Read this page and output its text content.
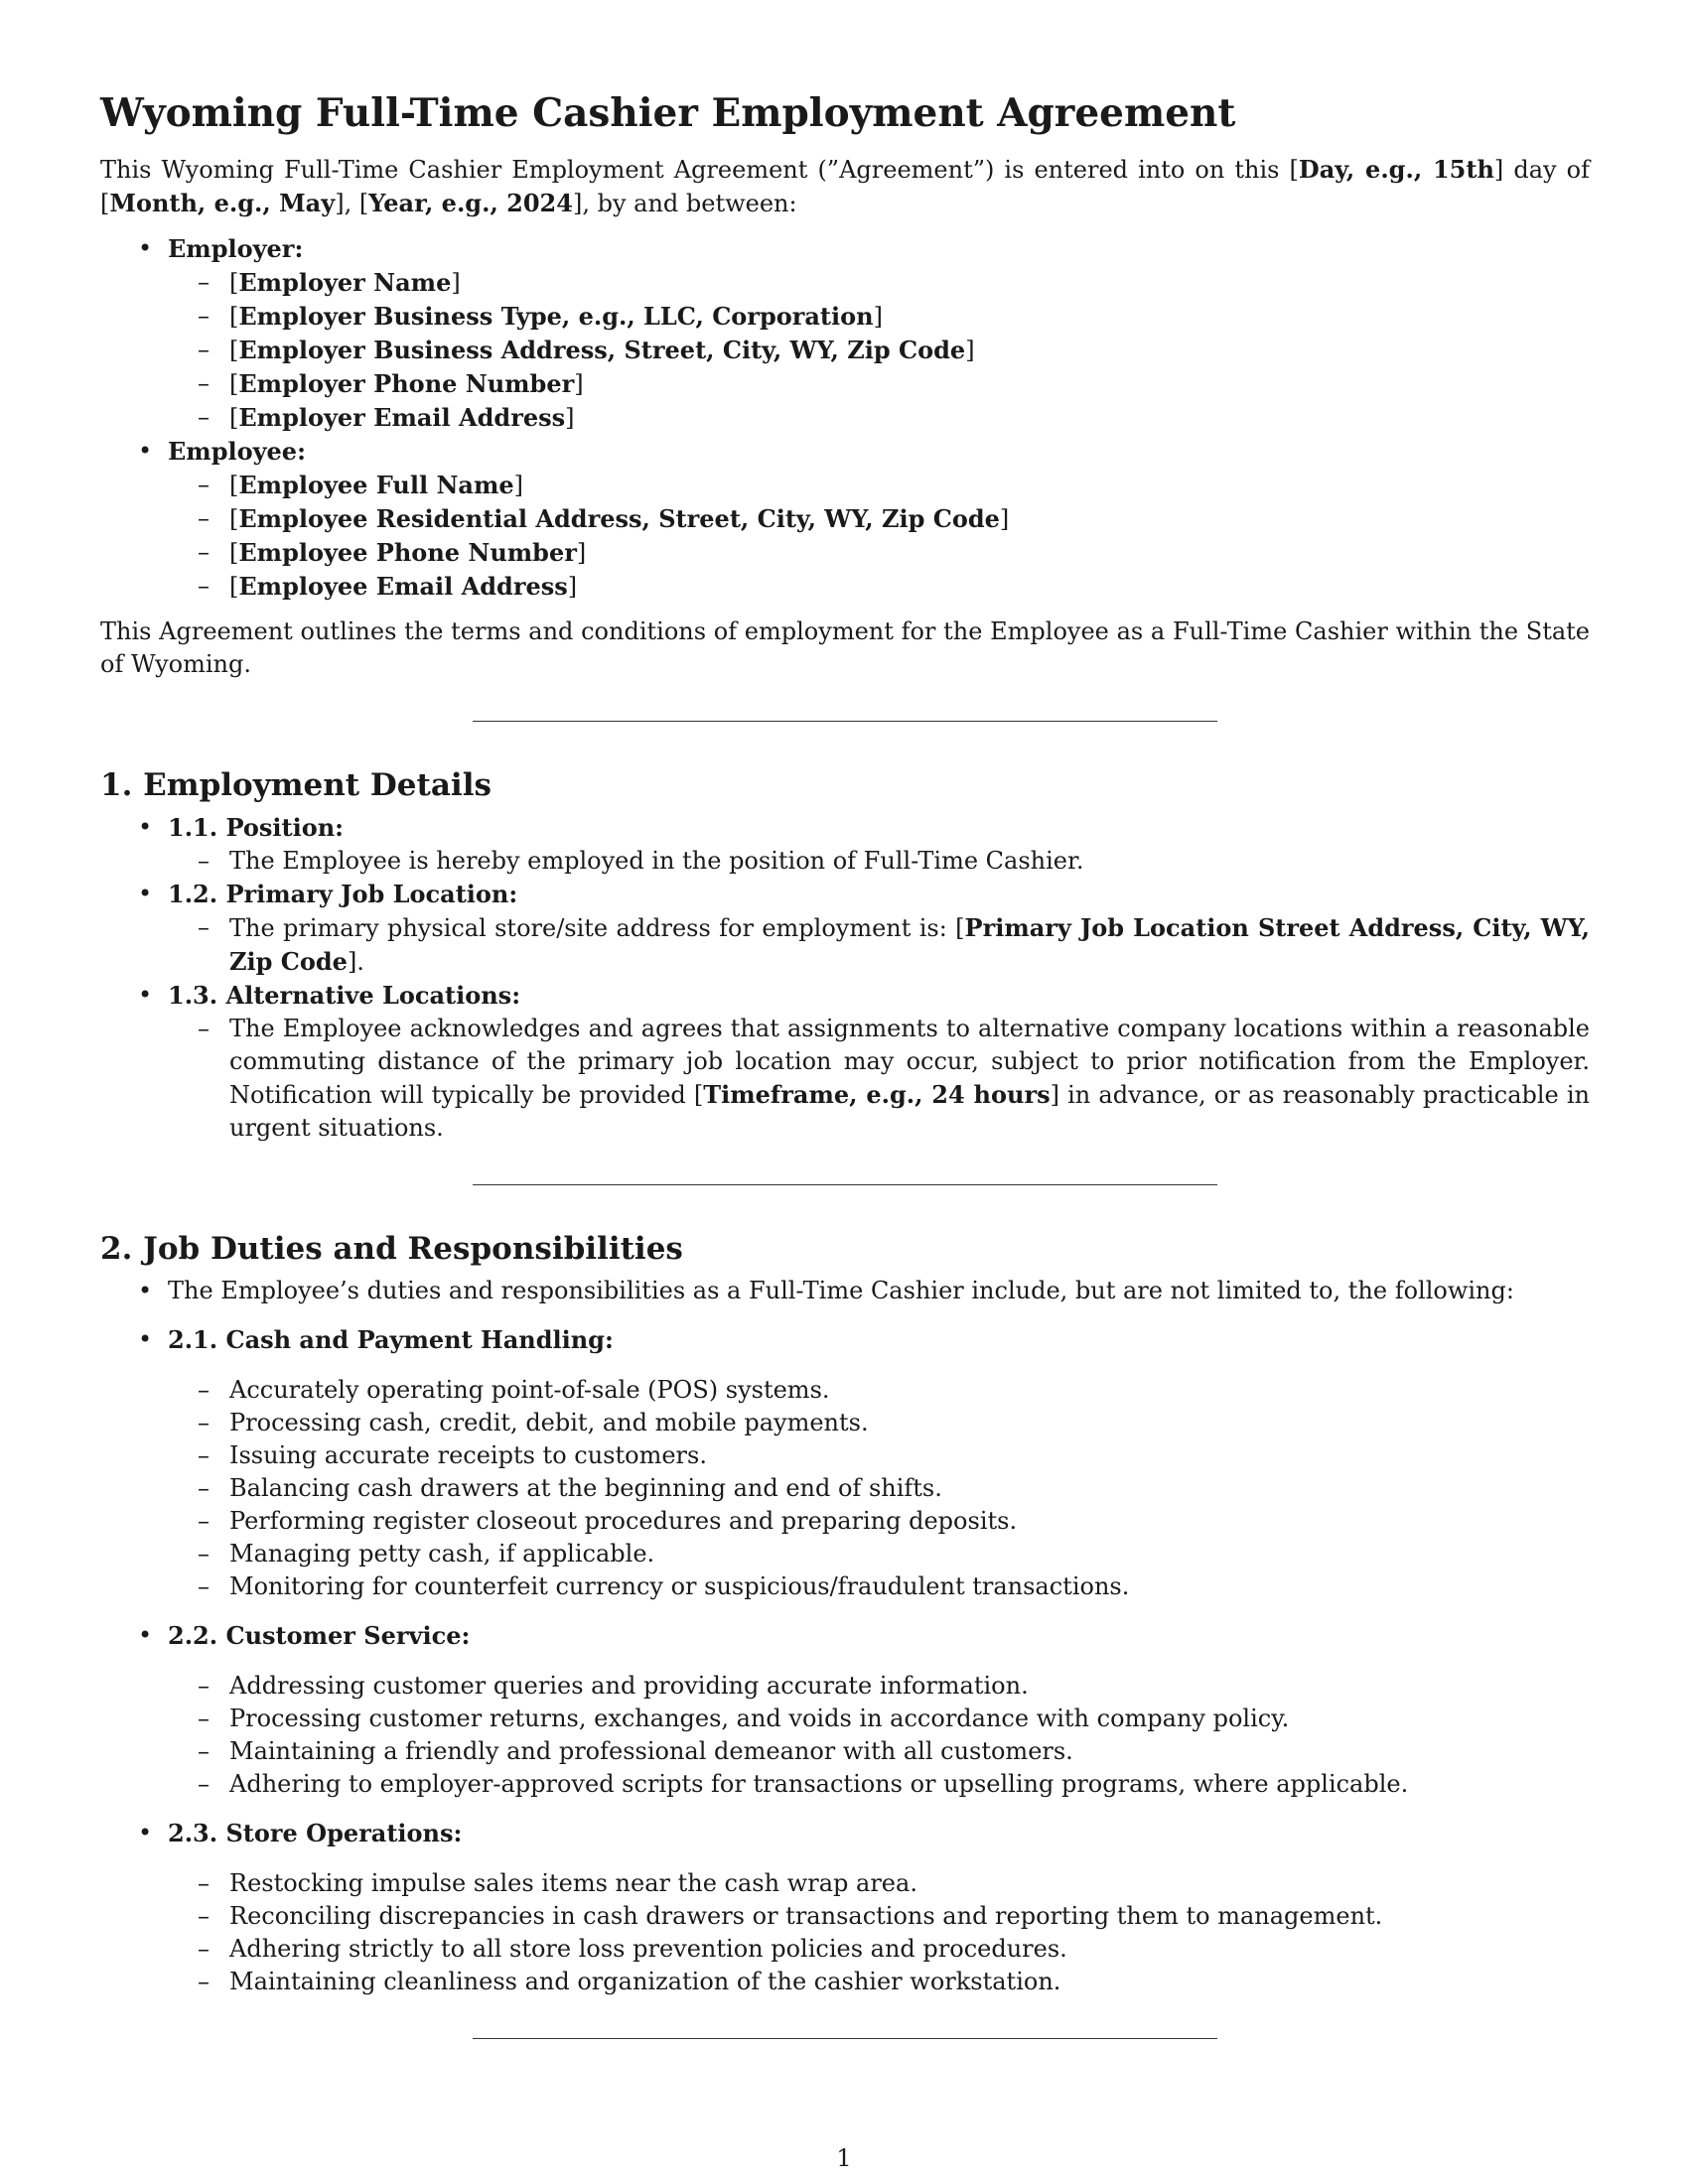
Wyoming Full-Time Cashier Employment Agreement

This Wyoming Full-Time Cashier Employment Agreement (”Agreement”) is entered into on this [Day, e.g., 15th] day of [Month, e.g., May], [Year, e.g., 2024], by and between:

• Employer:
– [Employer Name]
– [Employer Business Type, e.g., LLC, Corporation]
– [Employer Business Address, Street, City, WY, Zip Code]
– [Employer Phone Number]
– [Employer Email Address]
• Employee:
– [Employee Full Name]
– [Employee Residential Address, Street, City, WY, Zip Code]
– [Employee Phone Number]
– [Employee Email Address]

This Agreement outlines the terms and conditions of employment for the Employee as a Full-Time Cashier within the State of Wyoming.

1. Employment Details
• 1.1. Position:
– The Employee is hereby employed in the position of Full-Time Cashier.
• 1.2. Primary Job Location:
– The primary physical store/site address for employment is: [Primary Job Location Street Address, City, WY, Zip Code].
• 1.3. Alternative Locations:
– The Employee acknowledges and agrees that assignments to alternative company locations within a reasonable commuting distance of the primary job location may occur, subject to prior notification from the Employer. Notification will typically be provided [Timeframe, e.g., 24 hours] in advance, or as reasonably practicable in urgent situations.
2. Job Duties and Responsibilities
• The Employee’s duties and responsibilities as a Full-Time Cashier include, but are not limited to, the following:
• 2.1. Cash and Payment Handling:
– Accurately operating point-of-sale (POS) systems.
– Processing cash, credit, debit, and mobile payments.
– Issuing accurate receipts to customers.
– Balancing cash drawers at the beginning and end of shifts.
– Performing register closeout procedures and preparing deposits.
– Managing petty cash, if applicable.
– Monitoring for counterfeit currency or suspicious/fraudulent transactions.
• 2.2. Customer Service:
– Addressing customer queries and providing accurate information.
– Processing customer returns, exchanges, and voids in accordance with company policy.
– Maintaining a friendly and professional demeanor with all customers.
– Adhering to employer-approved scripts for transactions or upselling programs, where applicable.
• 2.3. Store Operations:
– Restocking impulse sales items near the cash wrap area.
– Reconciling discrepancies in cash drawers or transactions and reporting them to management.
– Adhering strictly to all store loss prevention policies and procedures.
– Maintaining cleanliness and organization of the cashier workstation.
1
